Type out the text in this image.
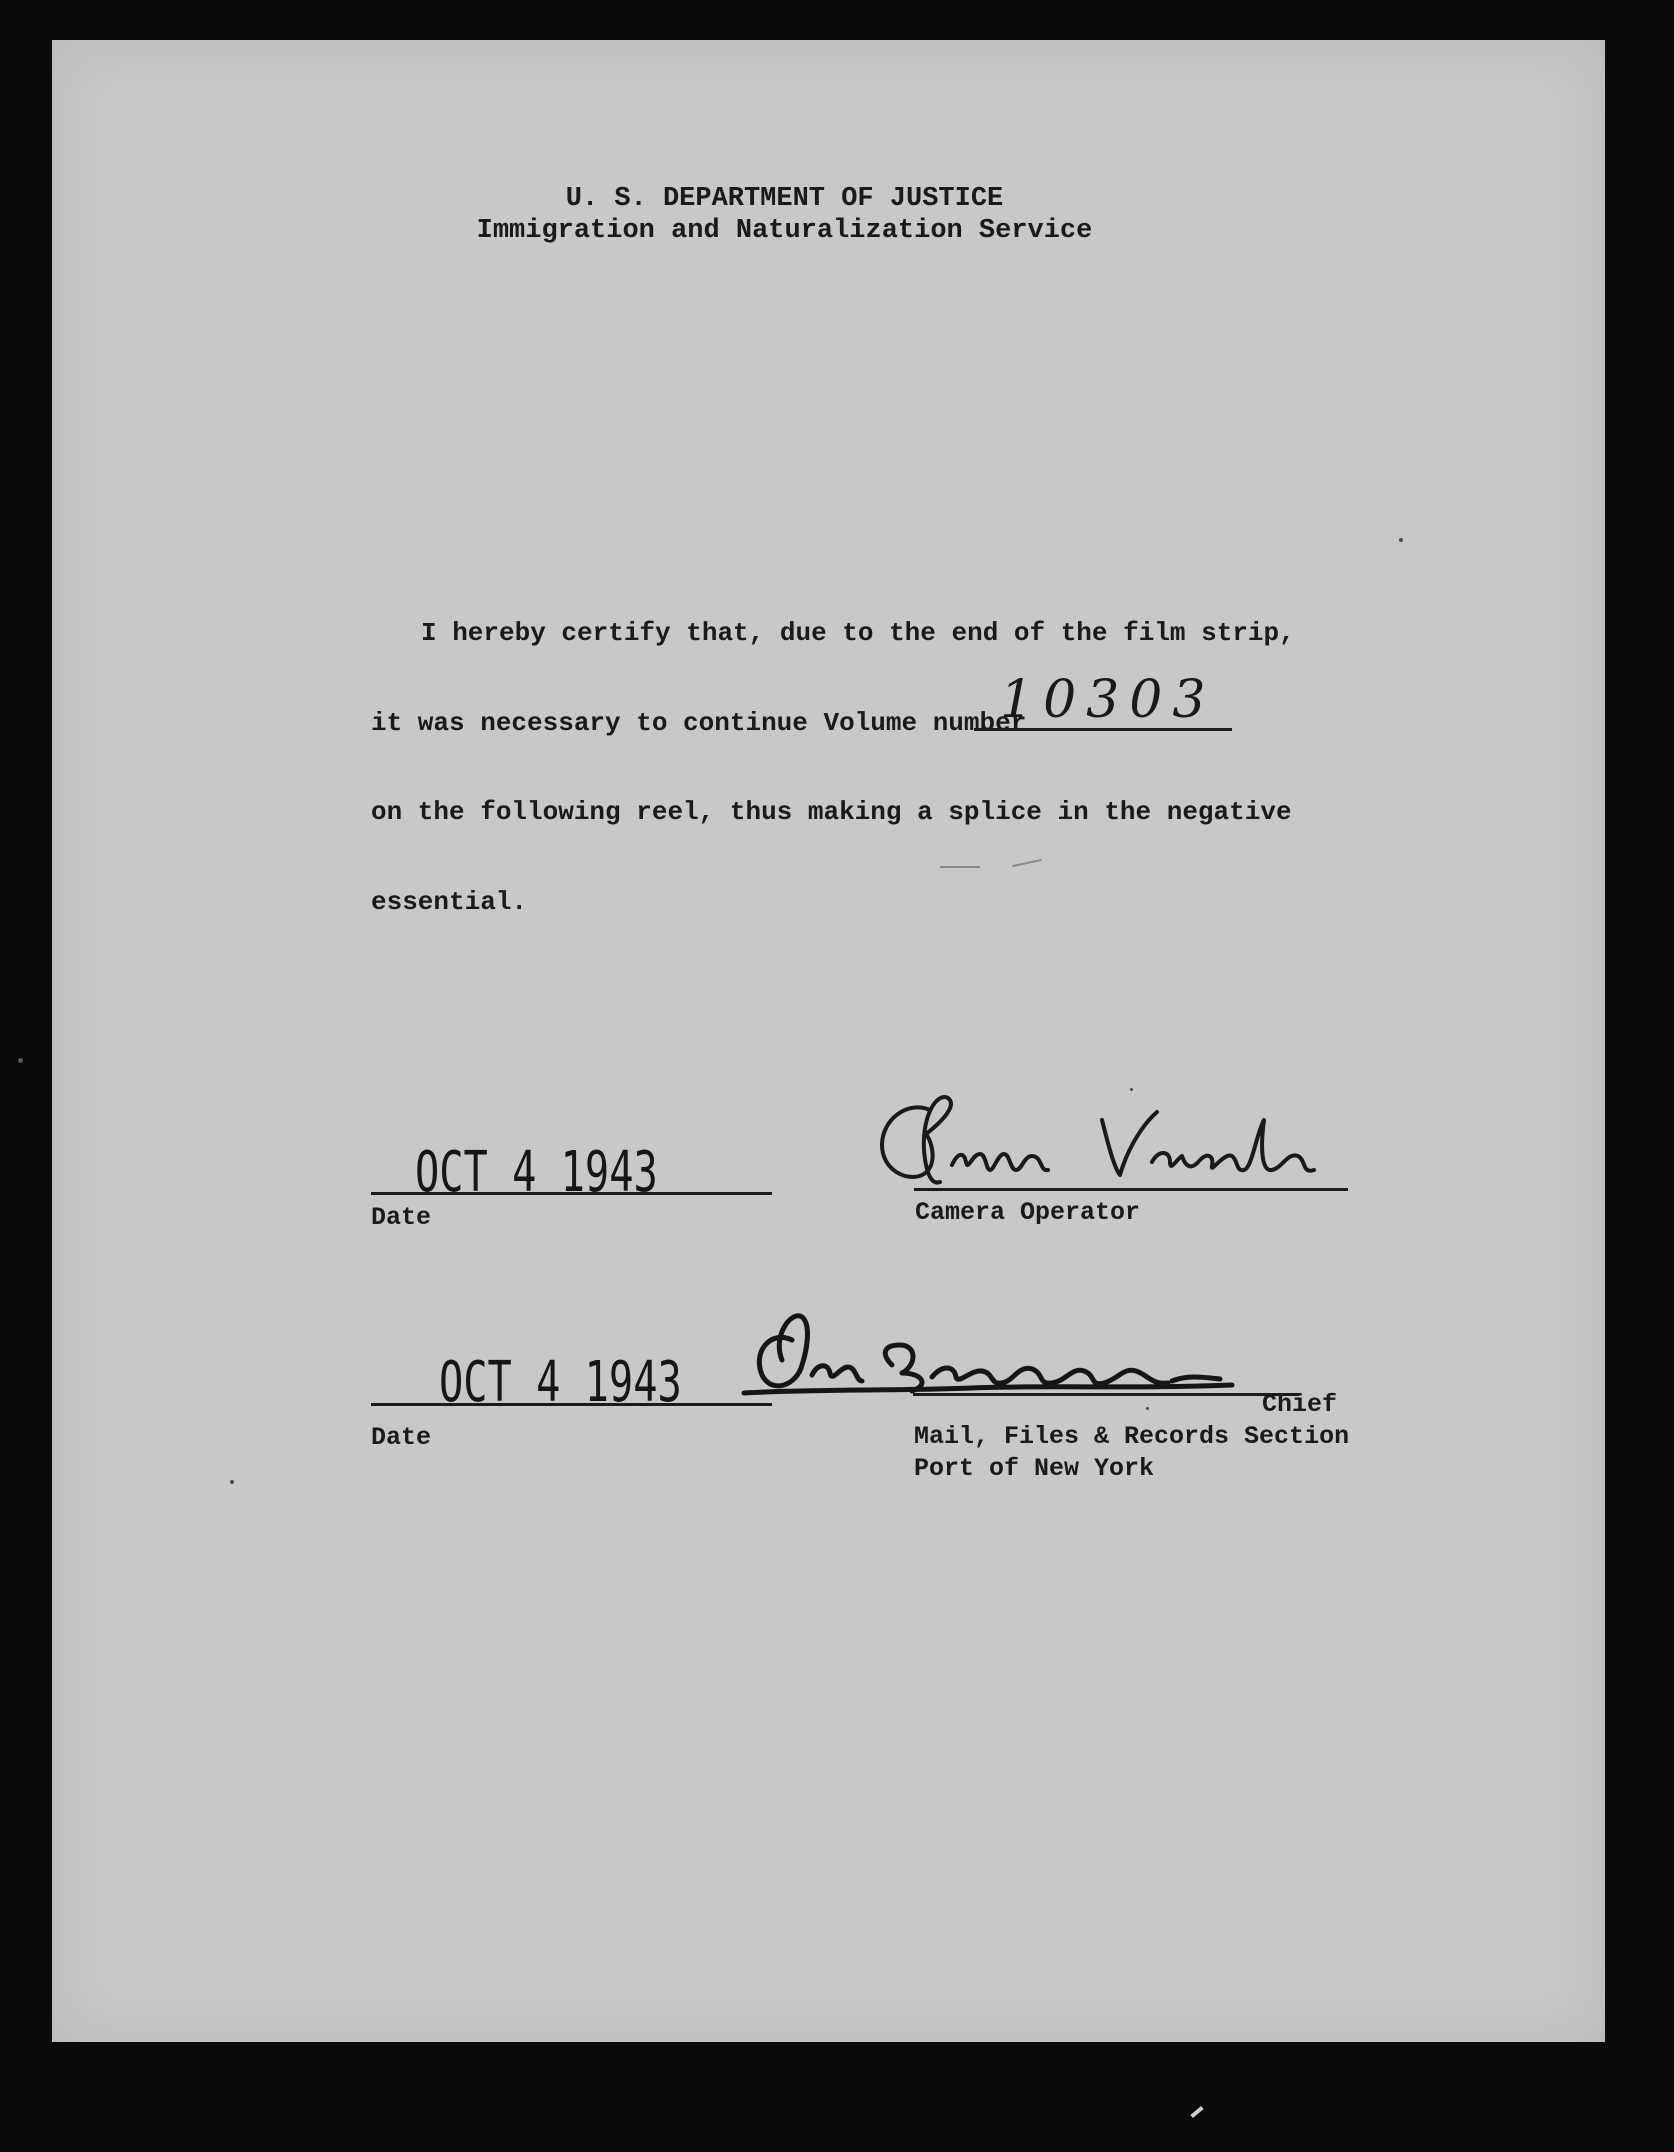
U. S. DEPARTMENT OF JUSTICE
Immigration and Naturalization Service
I hereby certify that, due to the end of the film strip,
it was necessary to continue Volume number
10303
on the following reel, thus making a splice in the negative
essential.
OCT 4 1943
Date	Camera Operator
OCT 4 1943
Date
Chief
Mail, Files & Records Section
Port of New York
